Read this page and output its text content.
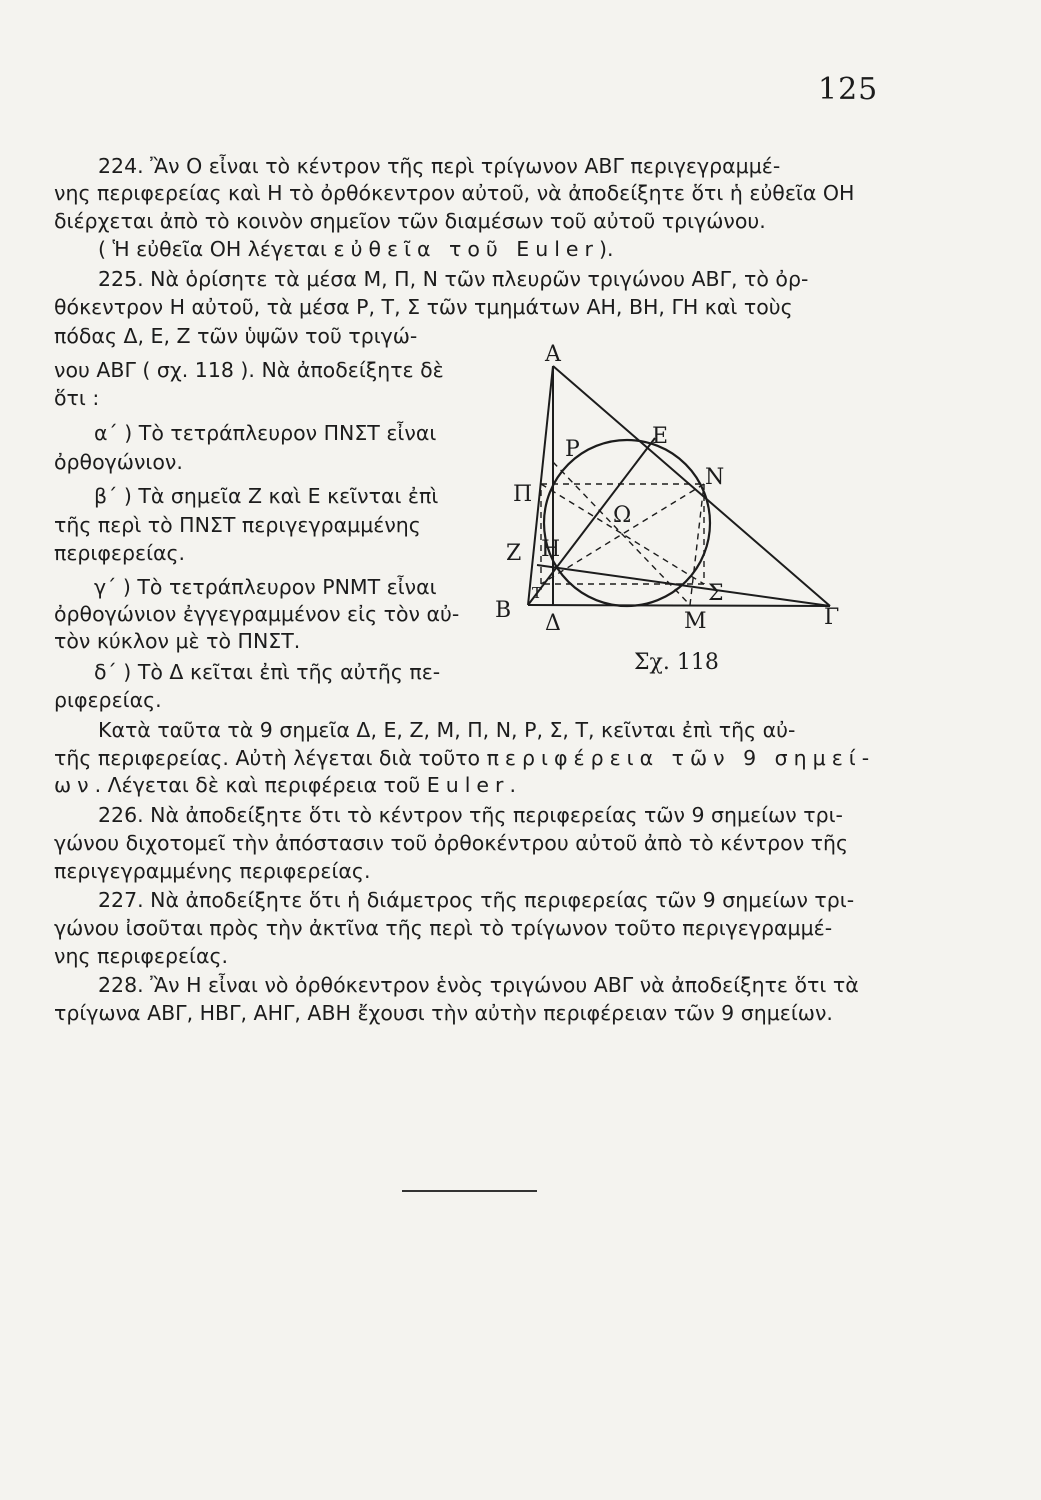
125
224. Ἂν Ο εἶναι τὸ κέντρον τῆς περὶ τρίγωνον ΑΒΓ περιγεγραμμέ-
νης περιφερείας καὶ Η τὸ ὀρθόκεντρον αὐτοῦ, νὰ ἀποδείξητε ὅτι ἡ εὐθεῖα ΟΗ
διέρχεται ἀπὸ τὸ κοινὸν σημεῖον τῶν διαμέσων τοῦ αὐτοῦ τριγώνου.
( Ἡ εὐθεῖα ΟΗ λέγεται εὐθεῖα τοῦ Euler).
225. Νὰ ὁρίσητε τὰ μέσα Μ, Π, Ν τῶν πλευρῶν τριγώνου ΑΒΓ, τὸ ὀρ-
θόκεντρον Η αὐτοῦ, τὰ μέσα Ρ, Τ, Σ τῶν τμημάτων ΑΗ, ΒΗ, ΓΗ καὶ τοὺς
πόδας Δ, Ε, Ζ τῶν ὑψῶν τοῦ τριγώ-
νου ΑΒΓ ( σχ. 118 ). Νὰ ἀποδείξητε δὲ
ὅτι :
α΄ ) Τὸ τετράπλευρον ΠΝΣΤ εἶναι
ὀρθογώνιον.
β΄ ) Τὰ σημεῖα Ζ καὶ Ε κεῖνται ἐπὶ
τῆς περὶ τὸ ΠΝΣΤ περιγεγραμμένης
περιφερείας.
γ΄ ) Τὸ τετράπλευρον ΡΝΜΤ εἶναι
ὀρθογώνιον ἐγγεγραμμένον εἰς τὸν αὐ-
τὸν κύκλον μὲ τὸ ΠΝΣΤ.
δ΄ ) Τὸ Δ κεῖται ἐπὶ τῆς αὐτῆς πε-
ριφερείας.
Κατὰ ταῦτα τὰ 9 σημεῖα Δ, Ε, Ζ, Μ, Π, Ν, Ρ, Σ, Τ, κεῖνται ἐπὶ τῆς αὐ-
τῆς περιφερείας. Αὐτὴ λέγεται διὰ τοῦτο περιφέρεια τῶν 9 σημεί-
ων. Λέγεται δὲ καὶ περιφέρεια τοῦ Euler.
226. Νὰ ἀποδείξητε ὅτι τὸ κέντρον τῆς περιφερείας τῶν 9 σημείων τρι-
γώνου διχοτομεῖ τὴν ἀπόστασιν τοῦ ὀρθοκέντρου αὐτοῦ ἀπὸ τὸ κέντρον τῆς
περιγεγραμμένης περιφερείας.
227. Νὰ ἀποδείξητε ὅτι ἡ διάμετρος τῆς περιφερείας τῶν 9 σημείων τρι-
γώνου ἰσοῦται πρὸς τὴν ἀκτῖνα τῆς περὶ τὸ τρίγωνον τοῦτο περιγεγραμμέ-
νης περιφερείας.
228. Ἂν Η εἶναι νὸ ὀρθόκεντρον ἑνὸς τριγώνου ΑΒΓ νὰ ἀποδείξητε ὅτι τὰ
τρίγωνα ΑΒΓ, ΗΒΓ, ΑΗΓ, ΑΒΗ ἔχουσι τὴν αὐτὴν περιφέρειαν τῶν 9 σημείων.
Α
Β	Γ
Δ
Ε
Ζ Η
Μ
Ν
Π
Ρ
Σ
Τ
Ω
Σχ. 118
